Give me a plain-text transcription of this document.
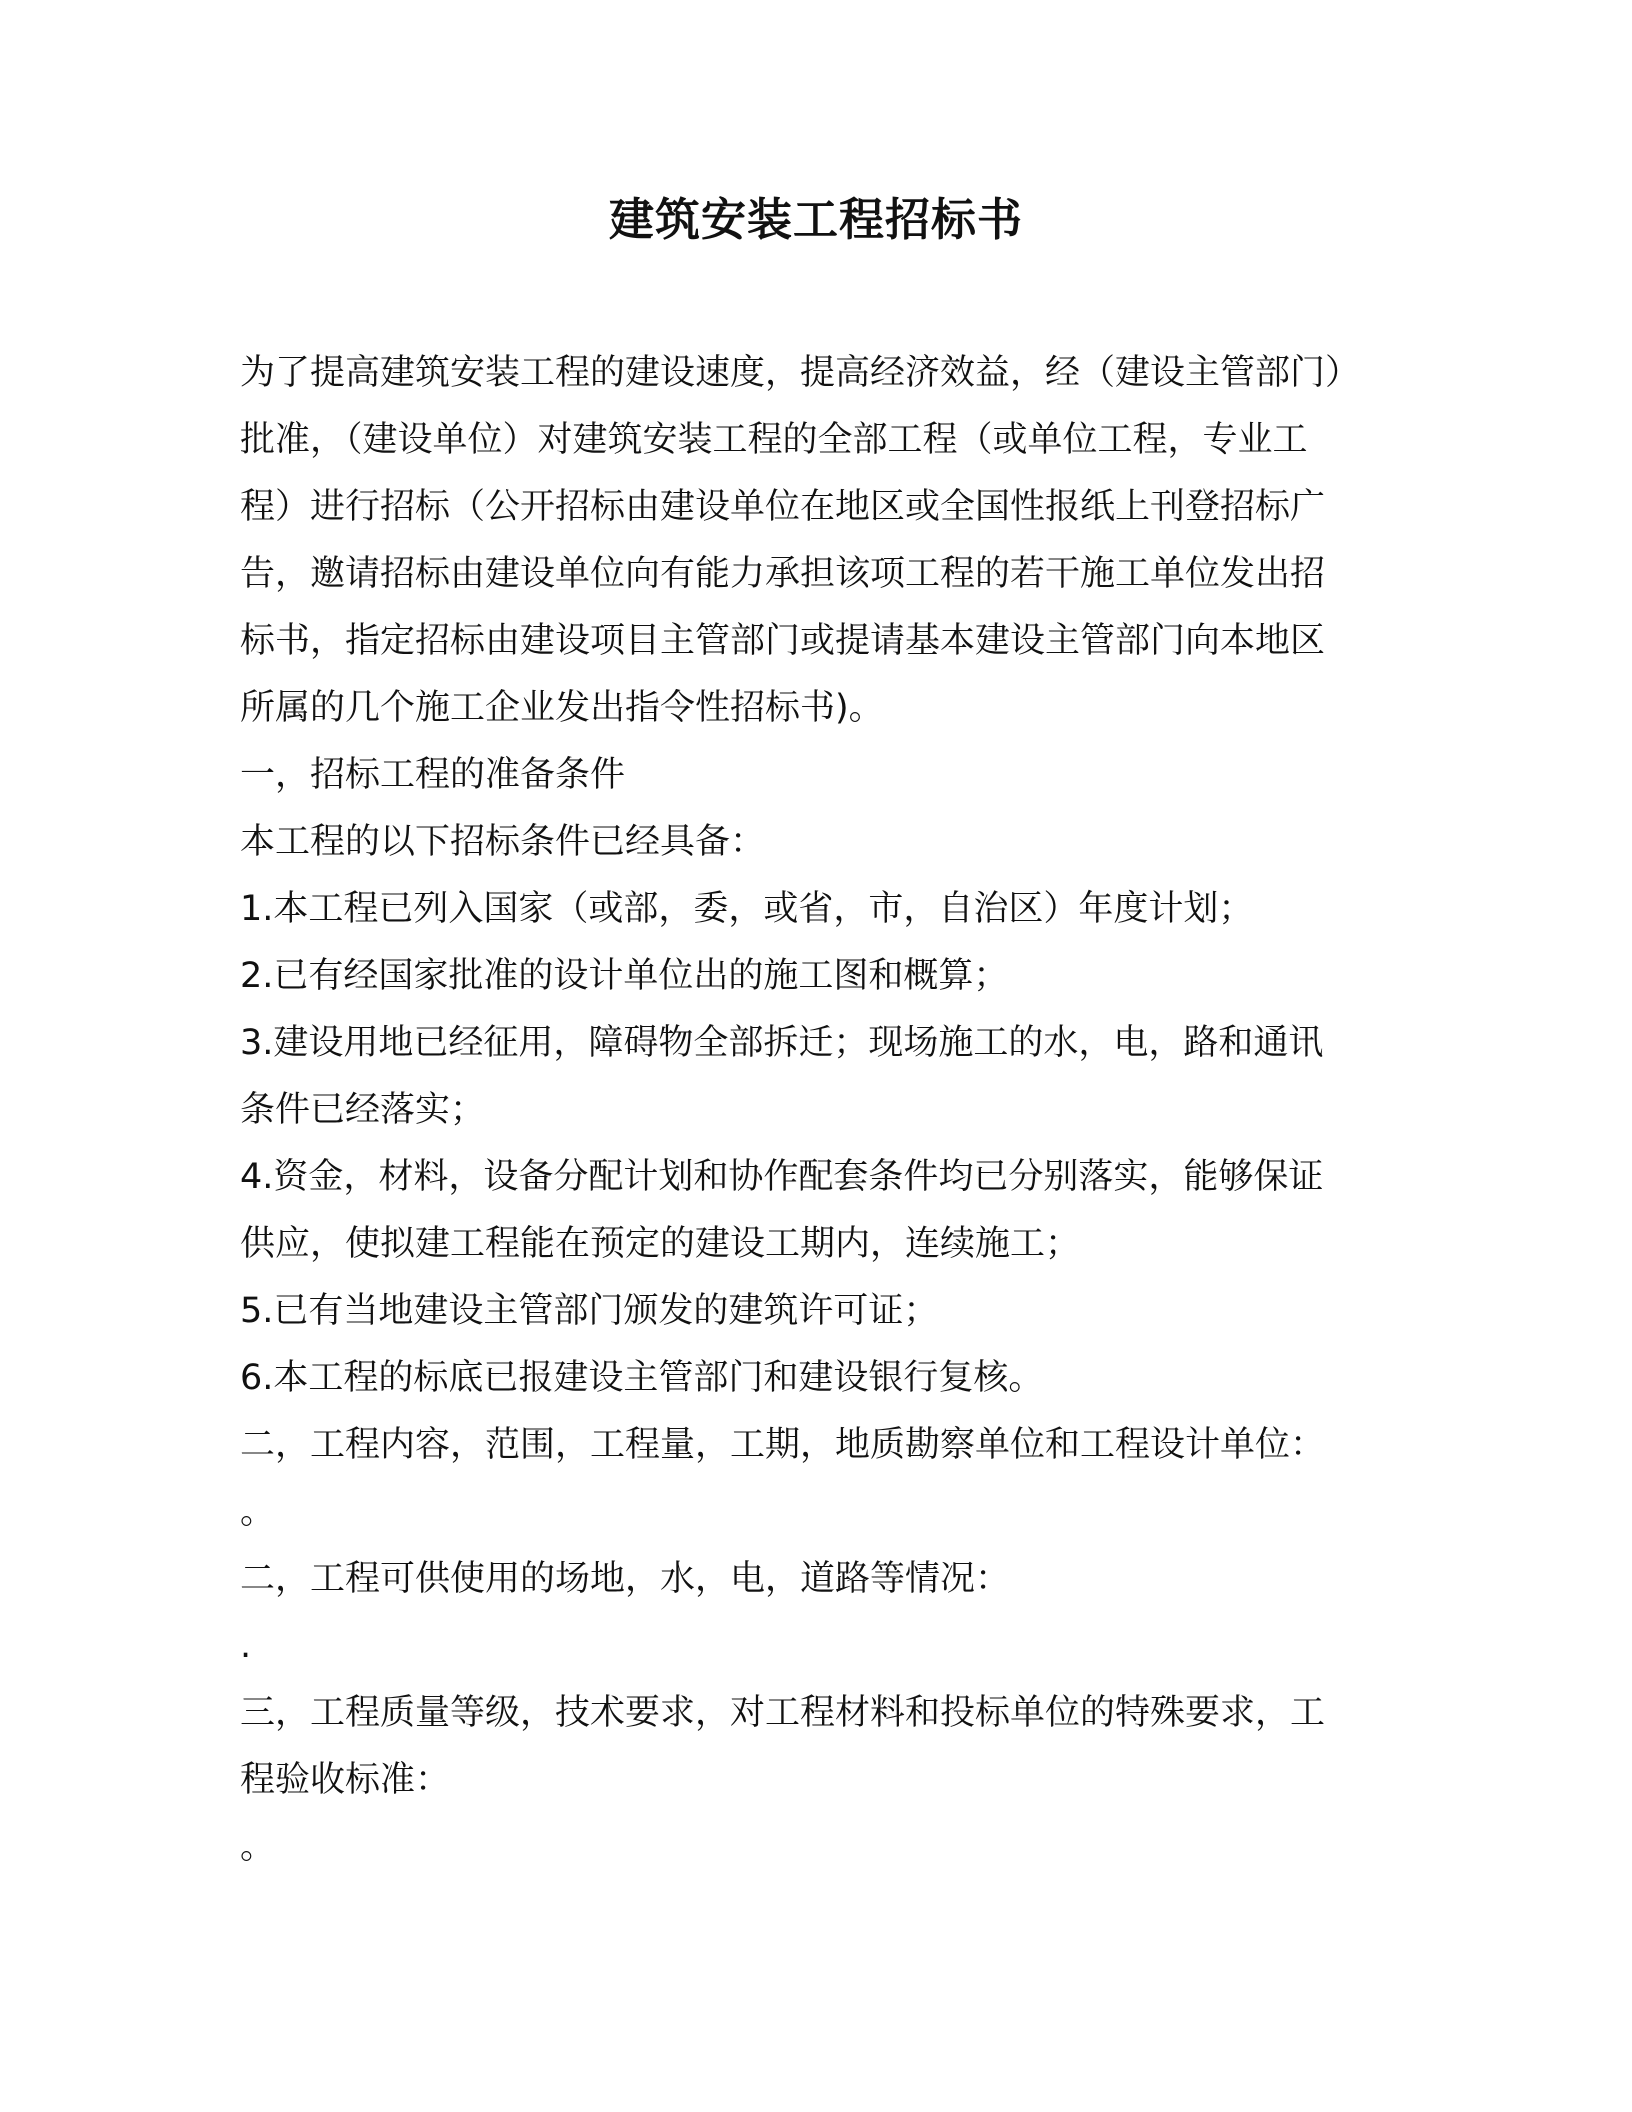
建筑安装工程招标书
为了提高建筑安装工程的建设速度，提高经济效益，经（建设主管部门）
批准，（建设单位）对建筑安装工程的全部工程（或单位工程，专业工
程）进行招标（公开招标由建设单位在地区或全国性报纸上刊登招标广
告，邀请招标由建设单位向有能力承担该项工程的若干施工单位发出招
标书，指定招标由建设项目主管部门或提请基本建设主管部门向本地区
所属的几个施工企业发出指令性招标书)。
一，招标工程的准备条件
本工程的以下招标条件已经具备：
1.本工程已列入国家（或部，委，或省，市，自治区）年度计划；
2.已有经国家批准的设计单位出的施工图和概算；
3.建设用地已经征用，障碍物全部拆迁；现场施工的水，电，路和通讯
条件已经落实；
4.资金，材料，设备分配计划和协作配套条件均已分别落实，能够保证
供应，使拟建工程能在预定的建设工期内，连续施工；
5.已有当地建设主管部门颁发的建筑许可证；
6.本工程的标底已报建设主管部门和建设银行复核。
二，工程内容，范围，工程量，工期，地质勘察单位和工程设计单位：
。
二，工程可供使用的场地，水，电，道路等情况：
.
三，工程质量等级，技术要求，对工程材料和投标单位的特殊要求，工
程验收标准：
。
